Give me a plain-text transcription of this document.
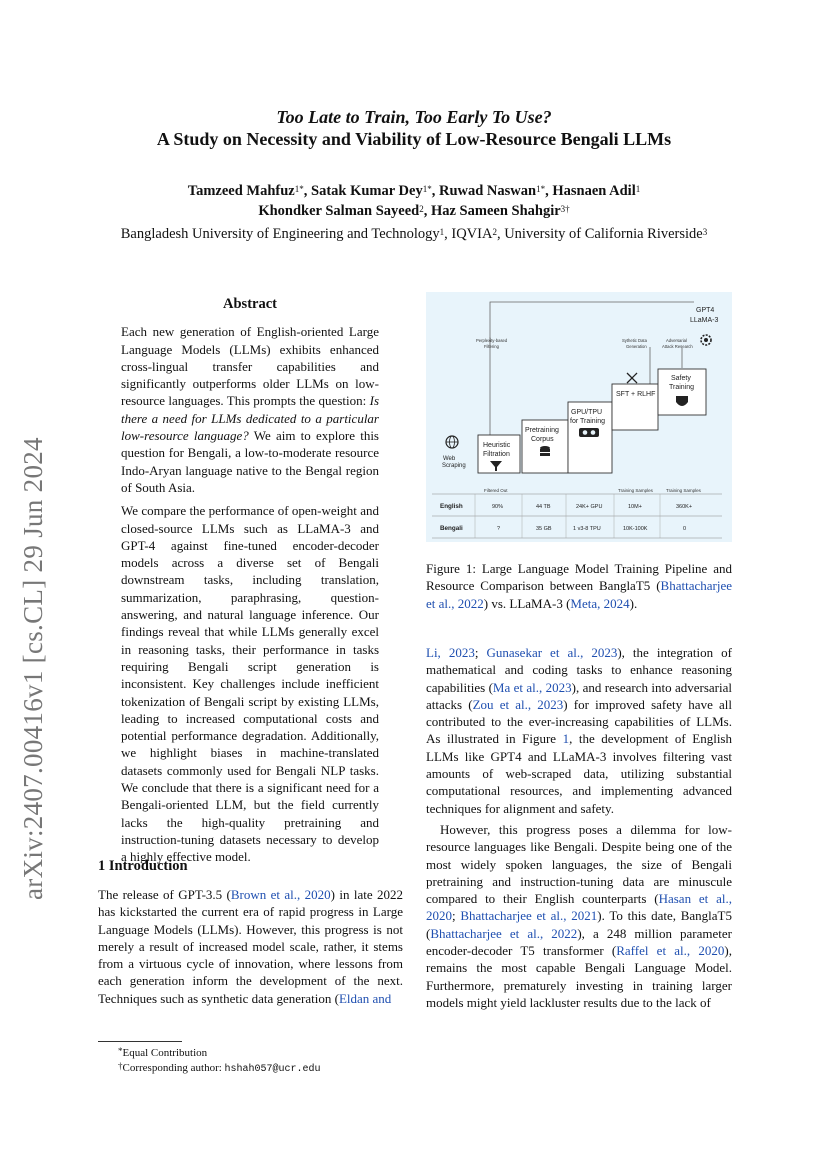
Too Late to Train, Too Early To Use?
A Study on Necessity and Viability of Low-Resource Bengali LLMs
Tamzeed Mahfuz$^{1*}$, Satak Kumar Dey$^{1*}$, Ruwad Naswan$^{1*}$, Hasnaen Adil$^1$
Khondker Salman Sayeed$^2$, Haz Sameen Shahgir$^{3\dagger}$
Bangladesh University of Engineering and Technology$^1$, IQVIA$^2$, University of California Riverside$^3$
arXiv:2407.00416v1 [cs.CL] 29 Jun 2024
Abstract

Each new generation of English-oriented Large Language Models (LLMs) exhibits enhanced cross-lingual transfer capabilities and significantly outperforms older LLMs on low-resource languages. This prompts the question: Is there a need for LLMs dedicated to a particular low-resource language? We aim to explore this question for Bengali, a low-to-moderate resource Indo-Aryan language native to the Bengal region of South Asia.

We compare the performance of open-weight and closed-source LLMs such as LLaMA-3 and GPT-4 against fine-tuned encoder-decoder models across a diverse set of Bengali downstream tasks, including translation, summarization, paraphrasing, question-answering, and natural language inference. Our findings reveal that while LLMs generally excel in reasoning tasks, their performance in tasks requiring Bengali script generation is inconsistent. Key challenges include inefficient tokenization of Bengali script by existing LLMs, leading to increased computational costs and potential performance degradation. Additionally, we highlight biases in machine-translated datasets commonly used for Bengali NLP tasks. We conclude that there is a significant need for a Bengali-oriented LLM, but the field currently lacks the high-quality pretraining and instruction-tuning datasets necessary to develop a highly effective model.

1 Introduction
The release of GPT-3.5 (Brown et al., 2020) in late 2022 has kickstarted the current era of rapid progress in Large Language Models (LLMs). However, this progress is not merely a result of increased model scale, rather, it stems from a virtuous cycle of innovation, where lessons from each generation inform the development of the next. Techniques such as synthetic data generation (Eldan and
*Equal Contribution
†Corresponding author: hshah057@ucr.edu
GPT4
LLaMA-3
Perplexity-based
Filtering
Sythetic Data
Generation
Adversarial
Attack Research
Web
Scraping
Heuristic
Filtration
Pretraining
Corpus
GPU/TPU
for Training
SFT + RLHF
Safety
Training
Filtered Out	Training Samples	Training Samples
English	90%	44 TB	24K+ GPU	10M+	360K+
Bengali	?	35 GB	1 v3-8 TPU	10K-100K	0
Figure 1: Large Language Model Training Pipeline and Resource Comparison between BanglaT5 (Bhattacharjee et al., 2022) vs. LLaMA-3 (Meta, 2024).

Li, 2023; Gunasekar et al., 2023), the integration of mathematical and coding tasks to enhance reasoning capabilities (Ma et al., 2023), and research into adversarial attacks (Zou et al., 2023) for improved safety have all contributed to the ever-increasing capabilities of LLMs. As illustrated in Figure 1, the development of English LLMs like GPT4 and LLaMA-3 involves filtering vast amounts of web-scraped data, utilizing substantial computational resources, and implementing advanced techniques for alignment and safety.

However, this progress poses a dilemma for low-resource languages like Bengali. Despite being one of the most widely spoken languages, the size of Bengali pretraining and instruction-tuning data are minuscule compared to their English counterparts (Hasan et al., 2020; Bhattacharjee et al., 2021). To this date, BanglaT5 (Bhattacharjee et al., 2022), a 248 million parameter encoder-decoder T5 transformer (Raffel et al., 2020), remains the most capable Bengali Language Model. Furthermore, prematurely investing in training larger models might yield lackluster results due to the lack of
